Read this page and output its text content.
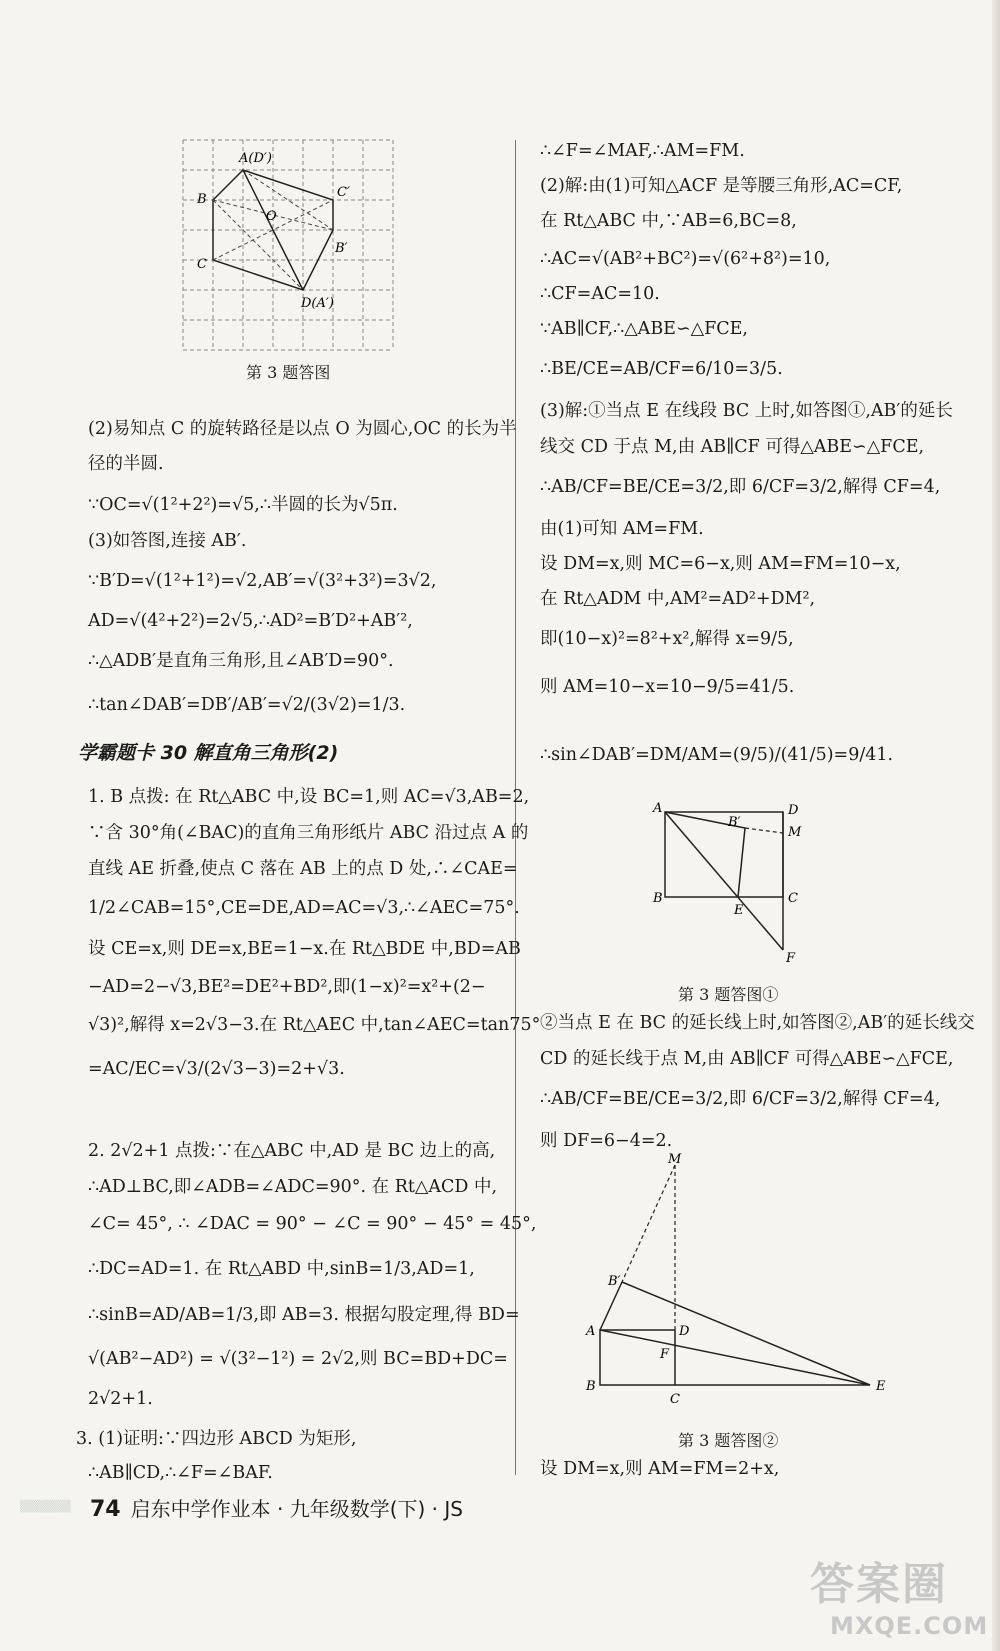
A(D′)
B
C
C′
O
B′
D(A′)
第 3 题答图
(2)易知点 C 的旋转路径是以点 O 为圆心,OC 的长为半
径的半圆.
∵OC=√(1²+2²)=√5,∴半圆的长为√5π.
(3)如答图,连接 AB′.
∵B′D=√(1²+1²)=√2,AB′=√(3²+3²)=3√2,
AD=√(4²+2²)=2√5,∴AD²=B′D²+AB′²,
∴△ADB′是直角三角形,且∠AB′D=90°.
∴tan∠DAB′=DB′/AB′=√2/(3√2)=1/3.
学霸题卡 30 解直角三角形(2)
1. B 点拨: 在 Rt△ABC 中,设 BC=1,则 AC=√3,AB=2,
∵含 30°角(∠BAC)的直角三角形纸片 ABC 沿过点 A 的
直线 AE 折叠,使点 C 落在 AB 上的点 D 处,∴∠CAE=
1/2∠CAB=15°,CE=DE,AD=AC=√3,∴∠AEC=75°.
设 CE=x,则 DE=x,BE=1−x.在 Rt△BDE 中,BD=AB
−AD=2−√3,BE²=DE²+BD²,即(1−x)²=x²+(2−
√3)²,解得 x=2√3−3.在 Rt△AEC 中,tan∠AEC=tan75°
=AC/EC=√3/(2√3−3)=2+√3.
2. 2√2+1 点拨:∵在△ABC 中,AD 是 BC 边上的高,
∴AD⊥BC,即∠ADB=∠ADC=90°. 在 Rt△ACD 中,
∠C= 45°, ∴ ∠DAC = 90° − ∠C = 90° − 45° = 45°,
∴DC=AD=1. 在 Rt△ABD 中,sinB=1/3,AD=1,
∴sinB=AD/AB=1/3,即 AB=3. 根据勾股定理,得 BD=
√(AB²−AD²) = √(3²−1²) = 2√2,则 BC=BD+DC=
2√2+1.
3. (1)证明:∵四边形 ABCD 为矩形,
∴AB∥CD,∴∠F=∠BAF.
∴∠F=∠MAF,∴AM=FM.
(2)解:由(1)可知△ACF 是等腰三角形,AC=CF,
在 Rt△ABC 中,∵AB=6,BC=8,
∴AC=√(AB²+BC²)=√(6²+8²)=10,
∴CF=AC=10.
∵AB∥CF,∴△ABE∽△FCE,
∴BE/CE=AB/CF=6/10=3/5.
(3)解:①当点 E 在线段 BC 上时,如答图①,AB′的延长
线交 CD 于点 M,由 AB∥CF 可得△ABE∽△FCE,
∴AB/CF=BE/CE=3/2,即 6/CF=3/2,解得 CF=4,
由(1)可知 AM=FM.
设 DM=x,则 MC=6−x,则 AM=FM=10−x,
在 Rt△ADM 中,AM²=AD²+DM²,
即(10−x)²=8²+x²,解得 x=9/5,
则 AM=10−x=10−9/5=41/5.
∴sin∠DAB′=DM/AM=(9/5)/(41/5)=9/41.
A	D
B′
M
B
E
C
F
第 3 题答图①
②当点 E 在 BC 的延长线上时,如答图②,AB′的延长线交
CD 的延长线于点 M,由 AB∥CF 可得△ABE∽△FCE,
∴AB/CF=BE/CE=3/2,即 6/CF=3/2,解得 CF=4,
则 DF=6−4=2.
M
B′
A	D
F
B
C
E
第 3 题答图②
设 DM=x,则 AM=FM=2+x,
▒▒▒▒▒▒ 74 启东中学作业本 · 九年级数学(下) · JS
答案圈
MXQE.COM
